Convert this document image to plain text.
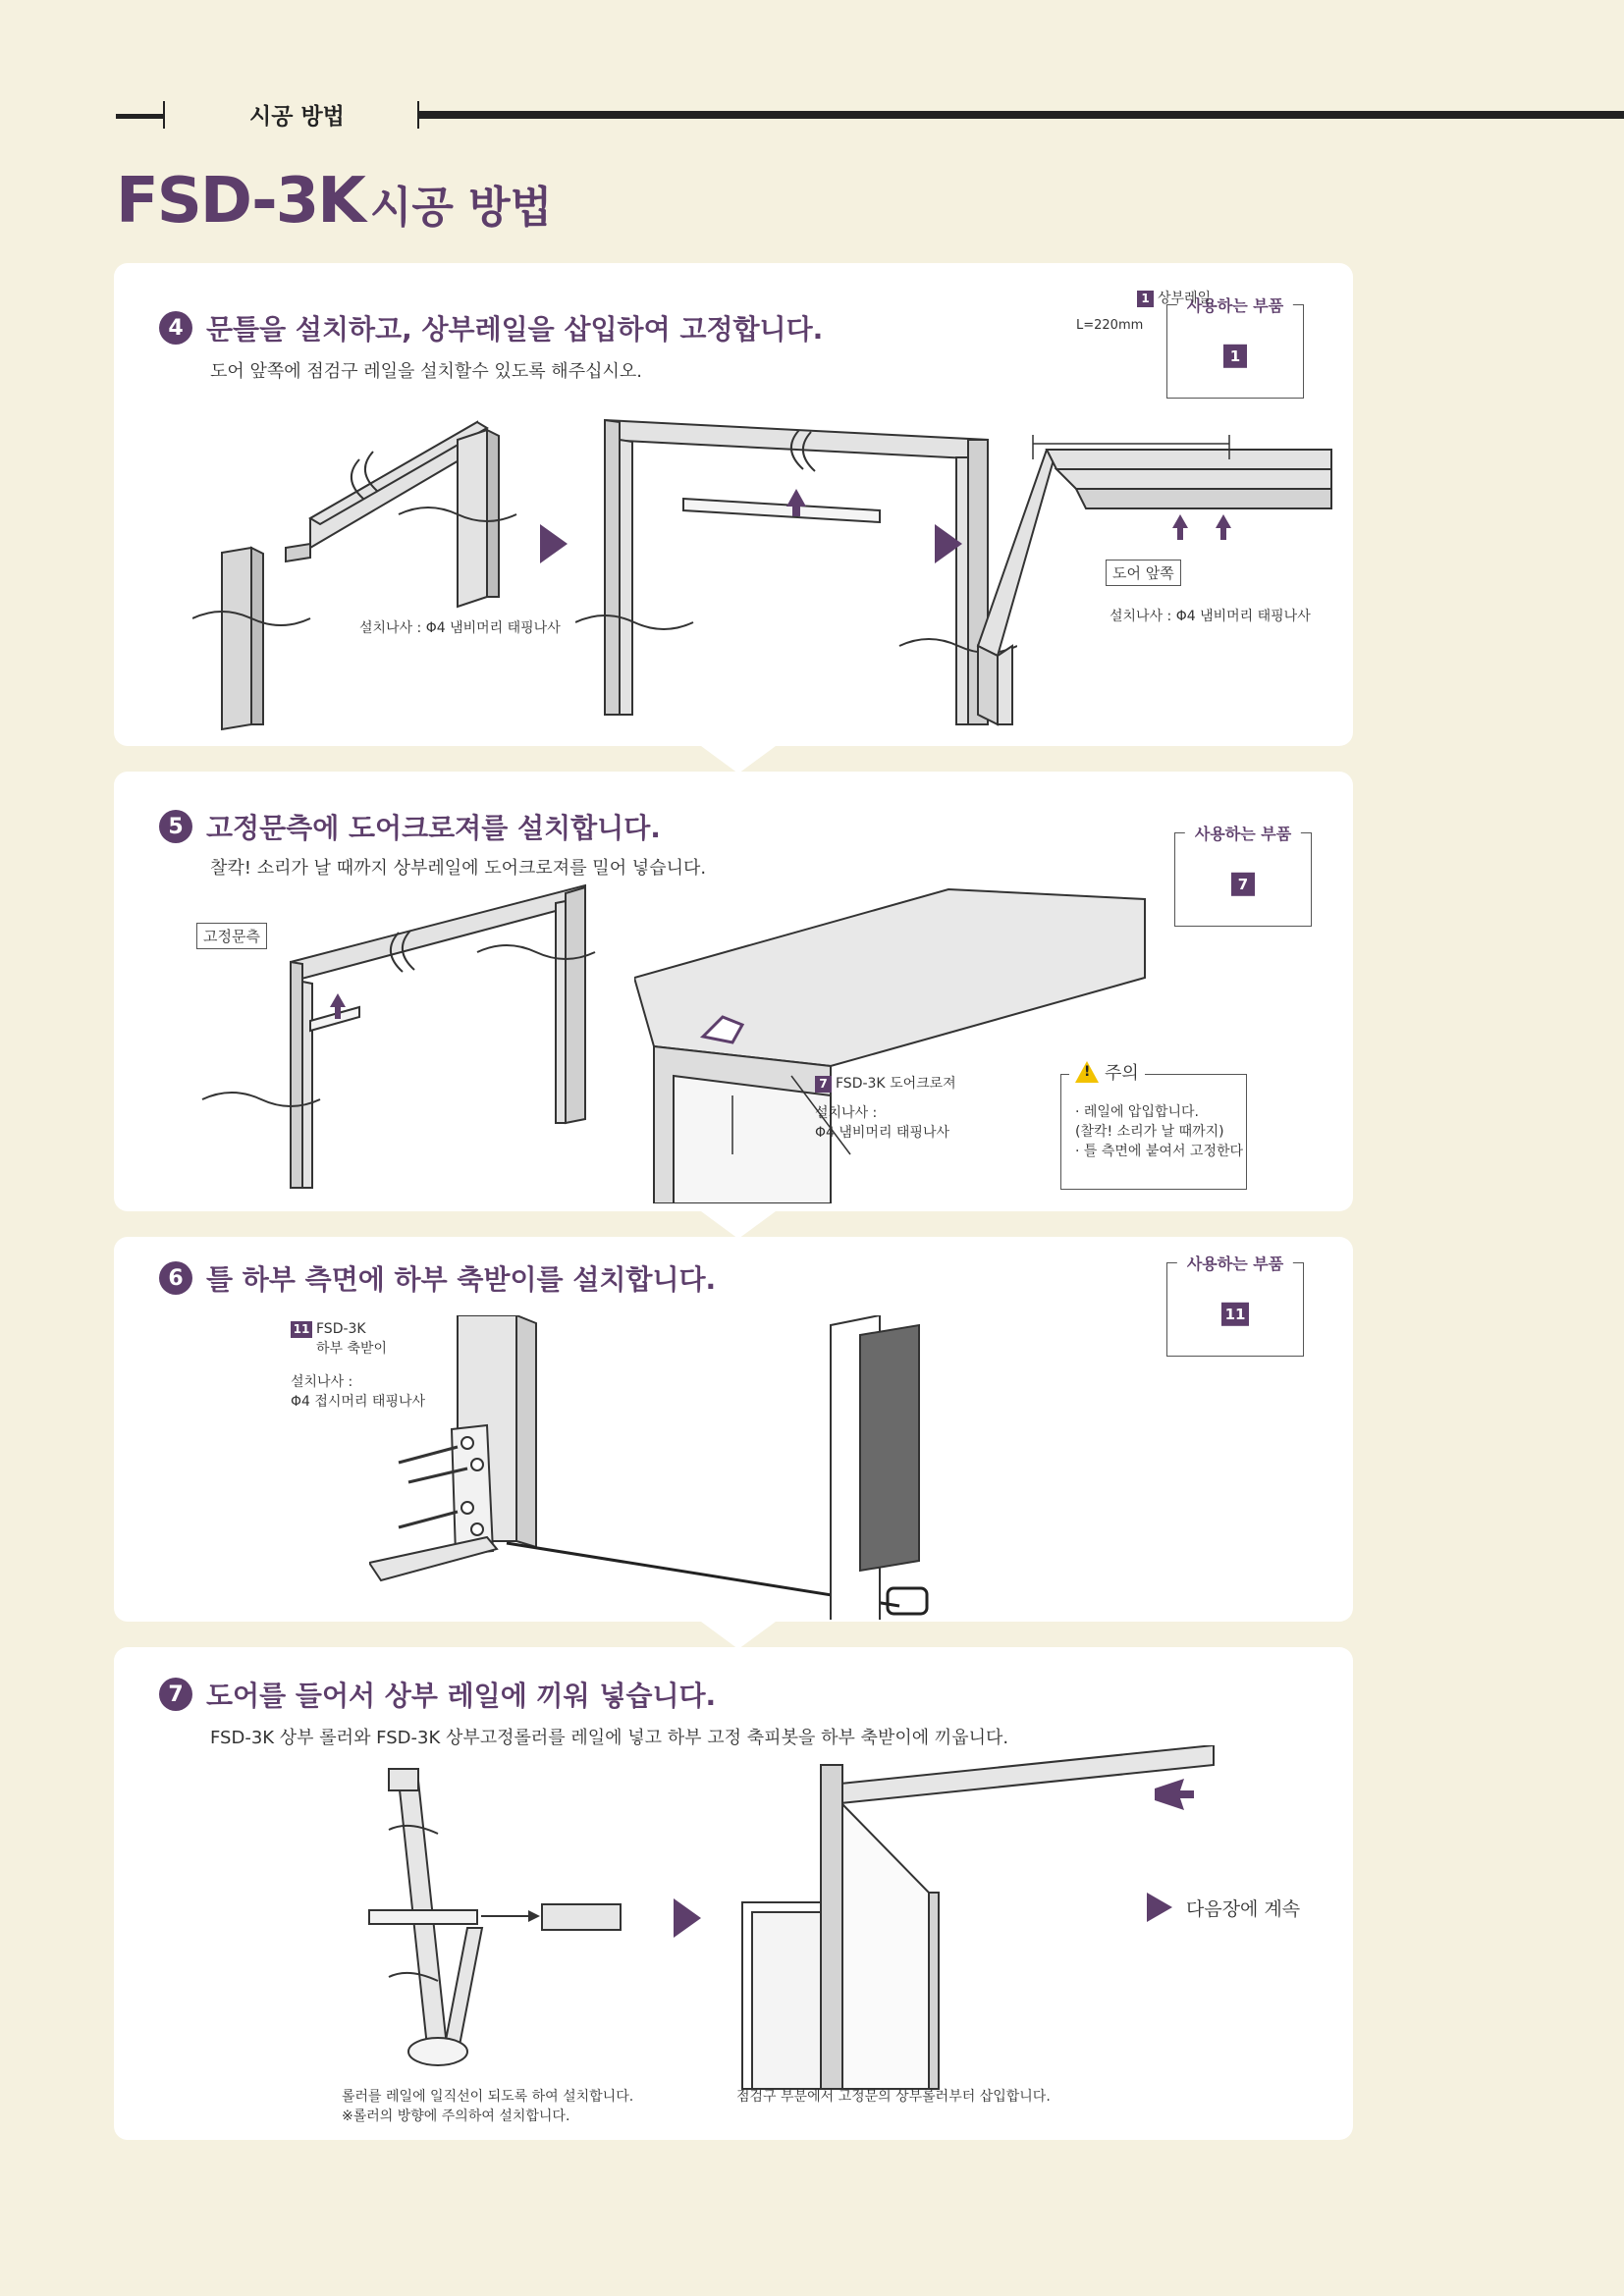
시공 방법
FSD-3K 시공 방법
4 문틀을 설치하고, 상부레일을 삽입하여 고정합니다.
도어 앞쪽에 점검구 레일을 설치할수 있도록 해주십시오.
사용하는 부품
1
설치나사 : Φ4 냄비머리 태핑나사
1 상부레일
L=220mm
도어 앞쪽
설치나사 : Φ4 냄비머리 태핑나사
5 고정문측에 도어크로져를 설치합니다.
찰칵! 소리가 날 때까지 상부레일에 도어크로져를 밀어 넣습니다.
사용하는 부품
7
고정문측
7 FSD-3K 도어크로져
설치나사 :
Φ4 냄비머리 태핑나사
!
주의
· 레일에 압입합니다.
(찰칵! 소리가 날 때까지)
· 틀 측면에 붙여서 고정한다
6 틀 하부 측면에 하부 축받이를 설치합니다.	사용하는 부품
11
11 FSD-3K
하부 축받이
설치나사 :
Φ4 접시머리 태핑나사
7 도어를 들어서 상부 레일에 끼워 넣습니다.
FSD-3K 상부 롤러와 FSD-3K 상부고정롤러를 레일에 넣고 하부 고정 축피봇을 하부 축받이에 끼웁니다.
롤러를 레일에 일직선이 되도록 하여 설치합니다.
※롤러의 방향에 주의하여 설치합니다.
점검구 부분에서 고정문의 상부롤러부터 삽입합니다.
다음장에 계속
